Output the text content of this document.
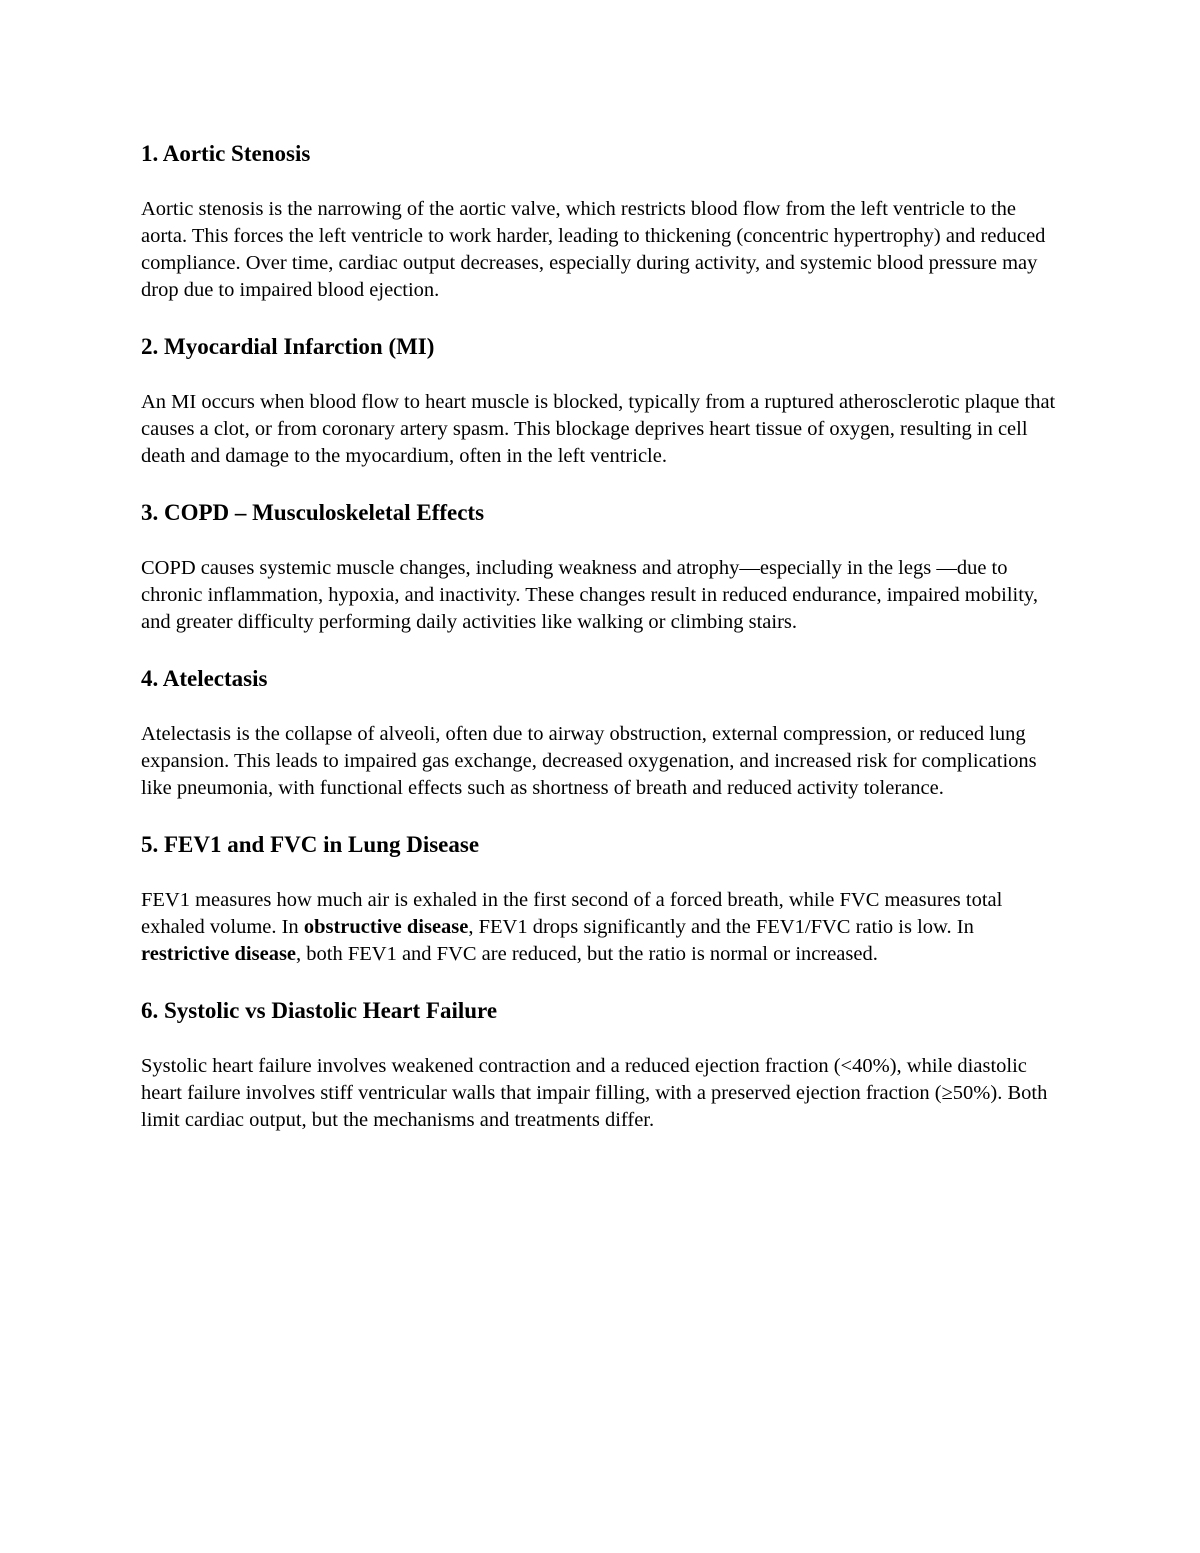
1. Aortic Stenosis

Aortic stenosis is the narrowing of the aortic valve, which restricts blood flow from the left ventricle to the aorta. This forces the left ventricle to work harder, leading to thickening (concentric hypertrophy) and reduced compliance. Over time, cardiac output decreases, especially during activity, and systemic blood pressure may drop due to impaired blood ejection.

2. Myocardial Infarction (MI)

An MI occurs when blood flow to heart muscle is blocked, typically from a ruptured atherosclerotic plaque that causes a clot, or from coronary artery spasm. This blockage deprives heart tissue of oxygen, resulting in cell death and damage to the myocardium, often in the left ventricle.

3. COPD – Musculoskeletal Effects

COPD causes systemic muscle changes, including weakness and atrophy—especially in the legs —due to chronic inflammation, hypoxia, and inactivity. These changes result in reduced endurance, impaired mobility, and greater difficulty performing daily activities like walking or climbing stairs.

4. Atelectasis

Atelectasis is the collapse of alveoli, often due to airway obstruction, external compression, or reduced lung expansion. This leads to impaired gas exchange, decreased oxygenation, and increased risk for complications like pneumonia, with functional effects such as shortness of breath and reduced activity tolerance.

5. FEV1 and FVC in Lung Disease

FEV1 measures how much air is exhaled in the first second of a forced breath, while FVC measures total exhaled volume. In obstructive disease, FEV1 drops significantly and the FEV1/FVC ratio is low. In restrictive disease, both FEV1 and FVC are reduced, but the ratio is normal or increased.

6. Systolic vs Diastolic Heart Failure

Systolic heart failure involves weakened contraction and a reduced ejection fraction (<40%), while diastolic heart failure involves stiff ventricular walls that impair filling, with a preserved ejection fraction (≥50%). Both limit cardiac output, but the mechanisms and treatments differ.
